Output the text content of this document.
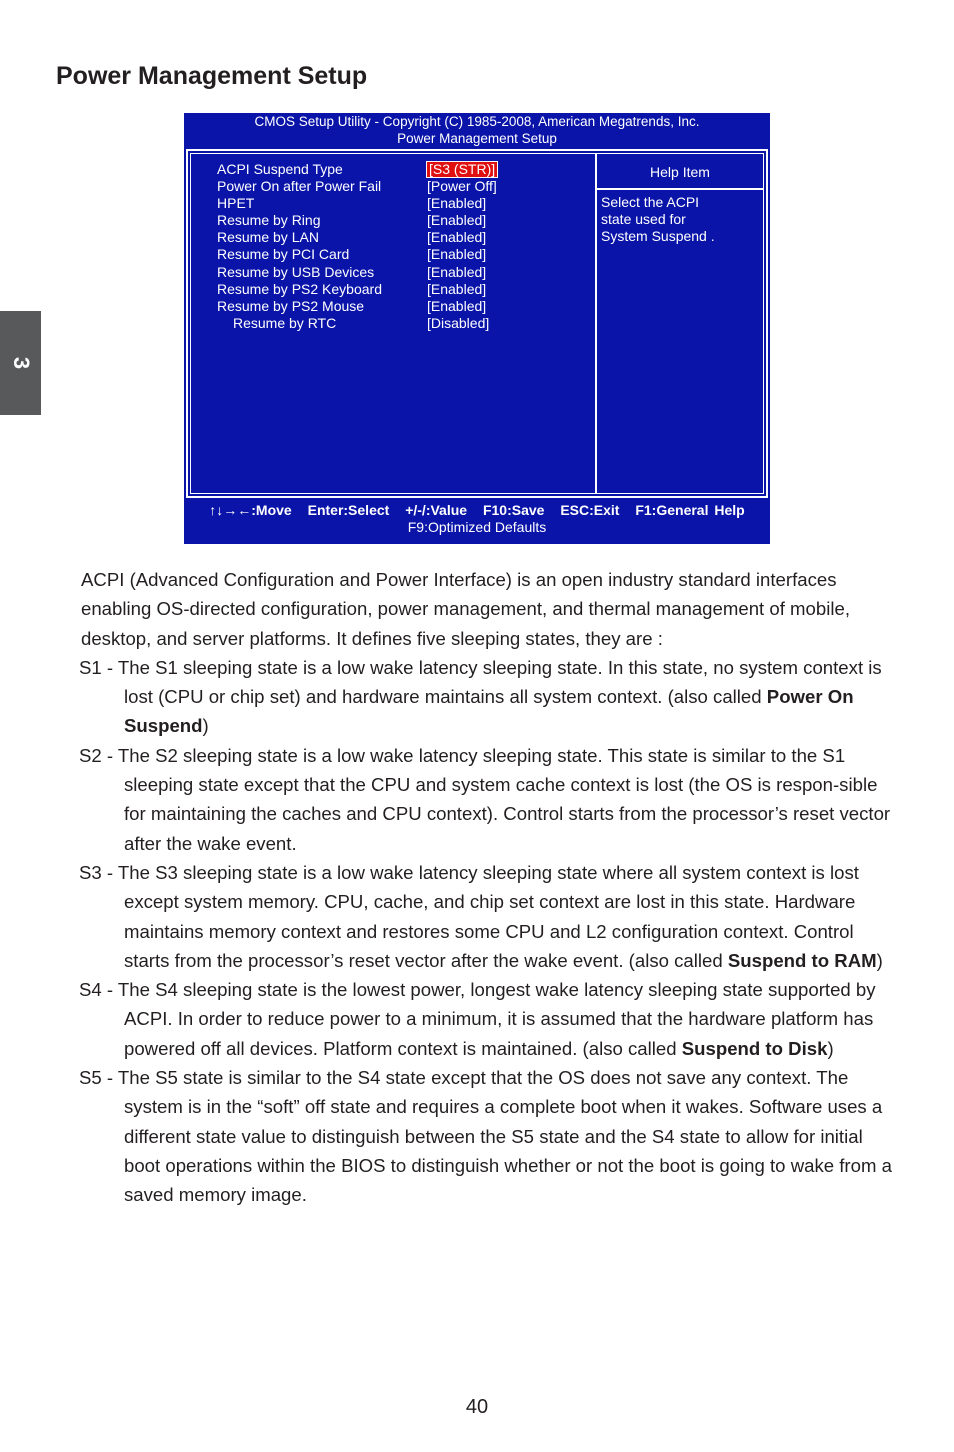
Power Management Setup
3
CMOS Setup Utility - Copyright (C) 1985-2008, American Megatrends, Inc.
Power Management Setup
ACPI Suspend Type	[S3 (STR)]
Power On after Power Fail	[Power Off]
HPET	[Enabled]
Resume by Ring	[Enabled]
Resume by LAN	[Enabled]
Resume by PCI Card	[Enabled]
Resume by USB Devices	[Enabled]
Resume by PS2 Keyboard	[Enabled]
Resume by PS2 Mouse	[Enabled]
Resume by RTC	[Disabled]
Help Item
Select the ACPI
state used for
System Suspend .
↑↓→←:Move Enter:Select +/-/:Value F10:Save ESC:Exit F1:General Help
F9:Optimized Defaults

ACPI (Advanced Configuration and Power Interface) is an open industry standard interfaces enabling OS-directed configuration, power management, and thermal management of mobile, desktop, and server platforms. It defines five sleeping states, they are :

S1 - The S1 sleeping state is a low wake latency sleeping state. In this state, no system context is lost (CPU or chip set) and hardware maintains all system context. (also called Power On Suspend)

S2 - The S2 sleeping state is a low wake latency sleeping state. This state is similar to the S1 sleeping state except that the CPU and system cache context is lost (the OS is respon-sible for maintaining the caches and CPU context). Control starts from the processor’s reset vector after the wake event.

S3 - The S3 sleeping state is a low wake latency sleeping state where all system context is lost except system memory. CPU, cache, and chip set context are lost in this state. Hardware maintains memory context and restores some CPU and L2 configuration context. Control starts from the processor’s reset vector after the wake event. (also called Suspend to RAM)

S4 - The S4 sleeping state is the lowest power, longest wake latency sleeping state supported by ACPI. In order to reduce power to a minimum, it is assumed that the hardware platform has powered off all devices. Platform context is maintained. (also called Suspend to Disk)

S5 - The S5 state is similar to the S4 state except that the OS does not save any context. The system is in the “soft” off state and requires a complete boot when it wakes. Software uses a different state value to distinguish between the S5 state and the S4 state to allow for initial boot operations within the BIOS to distinguish whether or not the boot is going to wake from a saved memory image.

40
